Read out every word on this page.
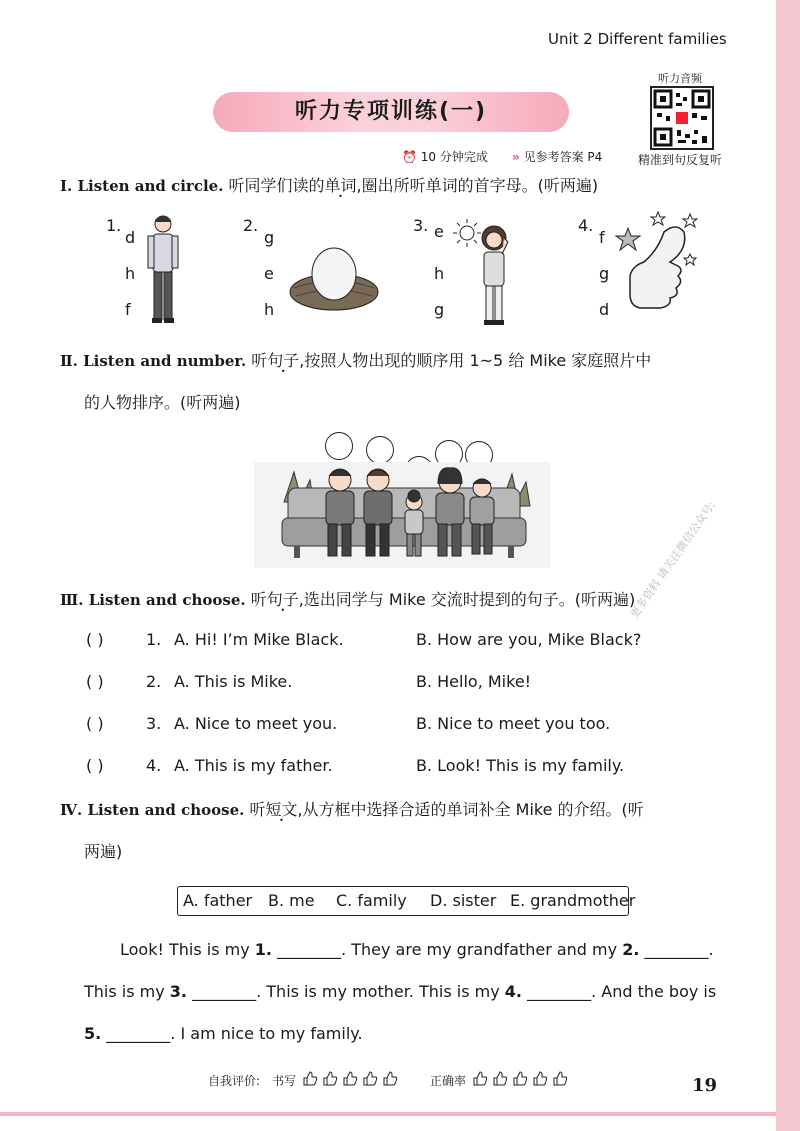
Unit 2 Different families
听力专项训练(一)
听力音频
精准到句反复听
⏰ 10 分钟完成 » 见参考答案 P4
Ⅰ. Listen and circle. 听同学们读的单词,圈出所听单词的首字母。(听两遍)
1.
d
h
f
2.
g
e
h
3. e
h
g
4.
f
g
d
Ⅱ. Listen and number. 听句子,按照人物出现的顺序用 1~5 给 Mike 家庭照片中
的人物排序。(听两遍)
Ⅲ. Listen and choose. 听句子,选出同学与 Mike 交流时提到的句子。(听两遍)
( )	1. A. Hi! I’m Mike Black.	B. How are you, Mike Black?
( )	2. A. This is Mike.	B. Hello, Mike!
( )	3. A. Nice to meet you.	B. Nice to meet you too.
( )	4. A. This is my father.	B. Look! This is my family.
更多资料 请关注微信公众号:
Ⅳ. Listen and choose. 听短文,从方框中选择合适的单词补全 Mike 的介绍。(听
两遍)
A. father B. me C. family D. sister E. grandmother
Look! This is my 1. ________. They are my grandfather and my 2. ________.
This is my 3. ________. This is my mother. This is my 4. ________. And the boy is
5. ________. I am nice to my family.
自我评价: 书写	正确率	19
